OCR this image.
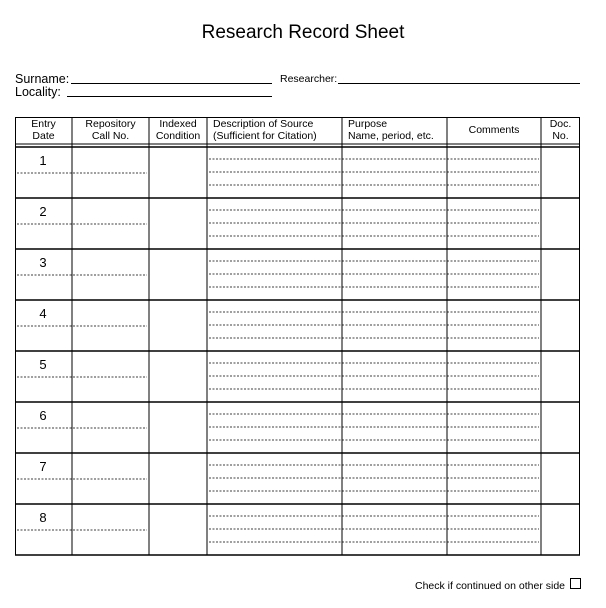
Research Record Sheet
Surname:
Locality:
Researcher:
Entry
Date
Repository
Call No.
Indexed
Condition
Description of Source
(Sufficient for Citation)
Purpose
Name, period, etc.	Comments	Doc.
No.
1
2
3
4
5
6
7
8
Check if continued on other side
